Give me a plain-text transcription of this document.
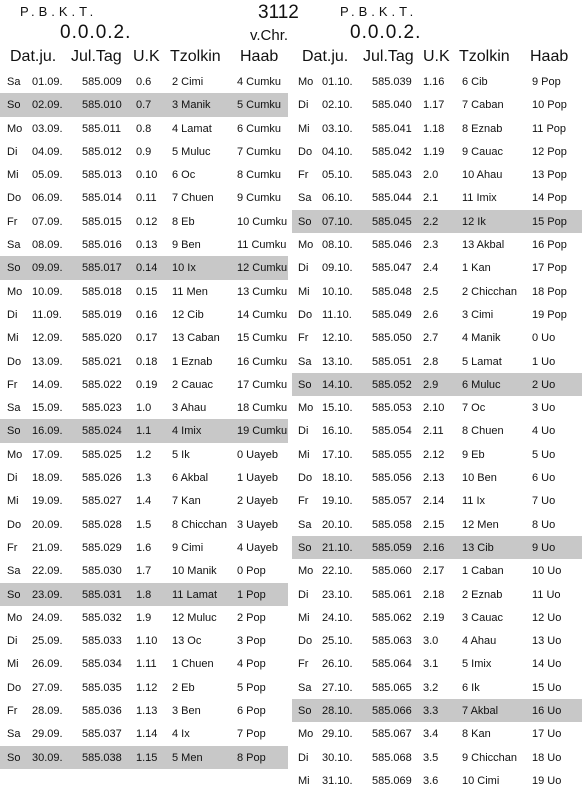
P.B.K.T.
0.0.0.2.
3112
v.Chr.
P.B.K.T.
0.0.0.2.
Dat.ju. Jul.Tag U.K Tzolkin Haab
Sa 01.09. 585.009 0.6 2 Cimi	4 Cumku
So 02.09. 585.010 0.7 3 Manik 5 Cumku
Mo 03.09. 585.011 0.8 4 Lamat 6 Cumku
Di 04.09. 585.012 0.9 5 Muluc 7 Cumku
Mi 05.09. 585.013 0.10 6 Oc	8 Cumku
Do 06.09. 585.014 0.11 7 Chuen 9 Cumku
Fr 07.09. 585.015 0.12 8 Eb	10 Cumku
Sa 08.09. 585.016 0.13 9 Ben	11 Cumku
So 09.09. 585.017 0.14 10 Ix	12 Cumku
Mo 10.09. 585.018 0.15 11 Men	13 Cumku
Di 11.09. 585.019 0.16 12 Cib	14 Cumku
Mi 12.09. 585.020 0.17 13 Caban 15 Cumku
Do 13.09. 585.021 0.18 1 Eznab 16 Cumku
Fr 14.09. 585.022 0.19 2 Cauac 17 Cumku
Sa 15.09. 585.023 1.0 3 Ahau	18 Cumku
So 16.09. 585.024 1.1 4 Imix	19 Cumku
Mo 17.09. 585.025 1.2 5 Ik	0 Uayeb
Di 18.09. 585.026 1.3 6 Akbal	1 Uayeb
Mi 19.09. 585.027 1.4 7 Kan	2 Uayeb
Do 20.09. 585.028 1.5 8 Chicchan 3 Uayeb
Fr 21.09. 585.029 1.6 9 Cimi	4 Uayeb
Sa 22.09. 585.030 1.7 10 Manik 0 Pop
So 23.09. 585.031 1.8 11 Lamat 1 Pop
Mo 24.09. 585.032 1.9 12 Muluc 2 Pop
Di 25.09. 585.033 1.10 13 Oc	3 Pop
Mi 26.09. 585.034 1.11 1 Chuen 4 Pop
Do 27.09. 585.035 1.12 2 Eb	5 Pop
Fr 28.09. 585.036 1.13 3 Ben	6 Pop
Sa 29.09. 585.037 1.14 4 Ix	7 Pop
So 30.09. 585.038 1.15 5 Men	8 Pop
Dat.ju. Jul.Tag U.K Tzolkin Haab
Mo 01.10. 585.039 1.16 6 Cib	9 Pop
Di 02.10. 585.040 1.17 7 Caban	10 Pop
Mi 03.10. 585.041 1.18 8 Eznab	11 Pop
Do 04.10. 585.042 1.19 9 Cauac	12 Pop
Fr 05.10. 585.043 2.0 10 Ahau	13 Pop
Sa 06.10. 585.044 2.1 11 Imix	14 Pop
So 07.10. 585.045 2.2 12 Ik	15 Pop
Mo 08.10. 585.046 2.3 13 Akbal	16 Pop
Di 09.10. 585.047 2.4 1 Kan	17 Pop
Mi 10.10. 585.048 2.5 2 Chicchan 18 Pop
Do 11.10. 585.049 2.6 3 Cimi	19 Pop
Fr 12.10. 585.050 2.7 4 Manik	0 Uo
Sa 13.10. 585.051 2.8 5 Lamat	1 Uo
So 14.10. 585.052 2.9 6 Muluc	2 Uo
Mo 15.10. 585.053 2.10 7 Oc	3 Uo
Di 16.10. 585.054 2.11 8 Chuen	4 Uo
Mi 17.10. 585.055 2.12 9 Eb	5 Uo
Do 18.10. 585.056 2.13 10 Ben	6 Uo
Fr 19.10. 585.057 2.14 11 Ix	7 Uo
Sa 20.10. 585.058 2.15 12 Men	8 Uo
So 21.10. 585.059 2.16 13 Cib	9 Uo
Mo 22.10. 585.060 2.17 1 Caban	10 Uo
Di 23.10. 585.061 2.18 2 Eznab	11 Uo
Mi 24.10. 585.062 2.19 3 Cauac	12 Uo
Do 25.10. 585.063 3.0 4 Ahau	13 Uo
Fr 26.10. 585.064 3.1 5 Imix	14 Uo
Sa 27.10. 585.065 3.2 6 Ik	15 Uo
So 28.10. 585.066 3.3 7 Akbal	16 Uo
Mo 29.10. 585.067 3.4 8 Kan	17 Uo
Di 30.10. 585.068 3.5 9 Chicchan 18 Uo
Mi 31.10. 585.069 3.6 10 Cimi	19 Uo
